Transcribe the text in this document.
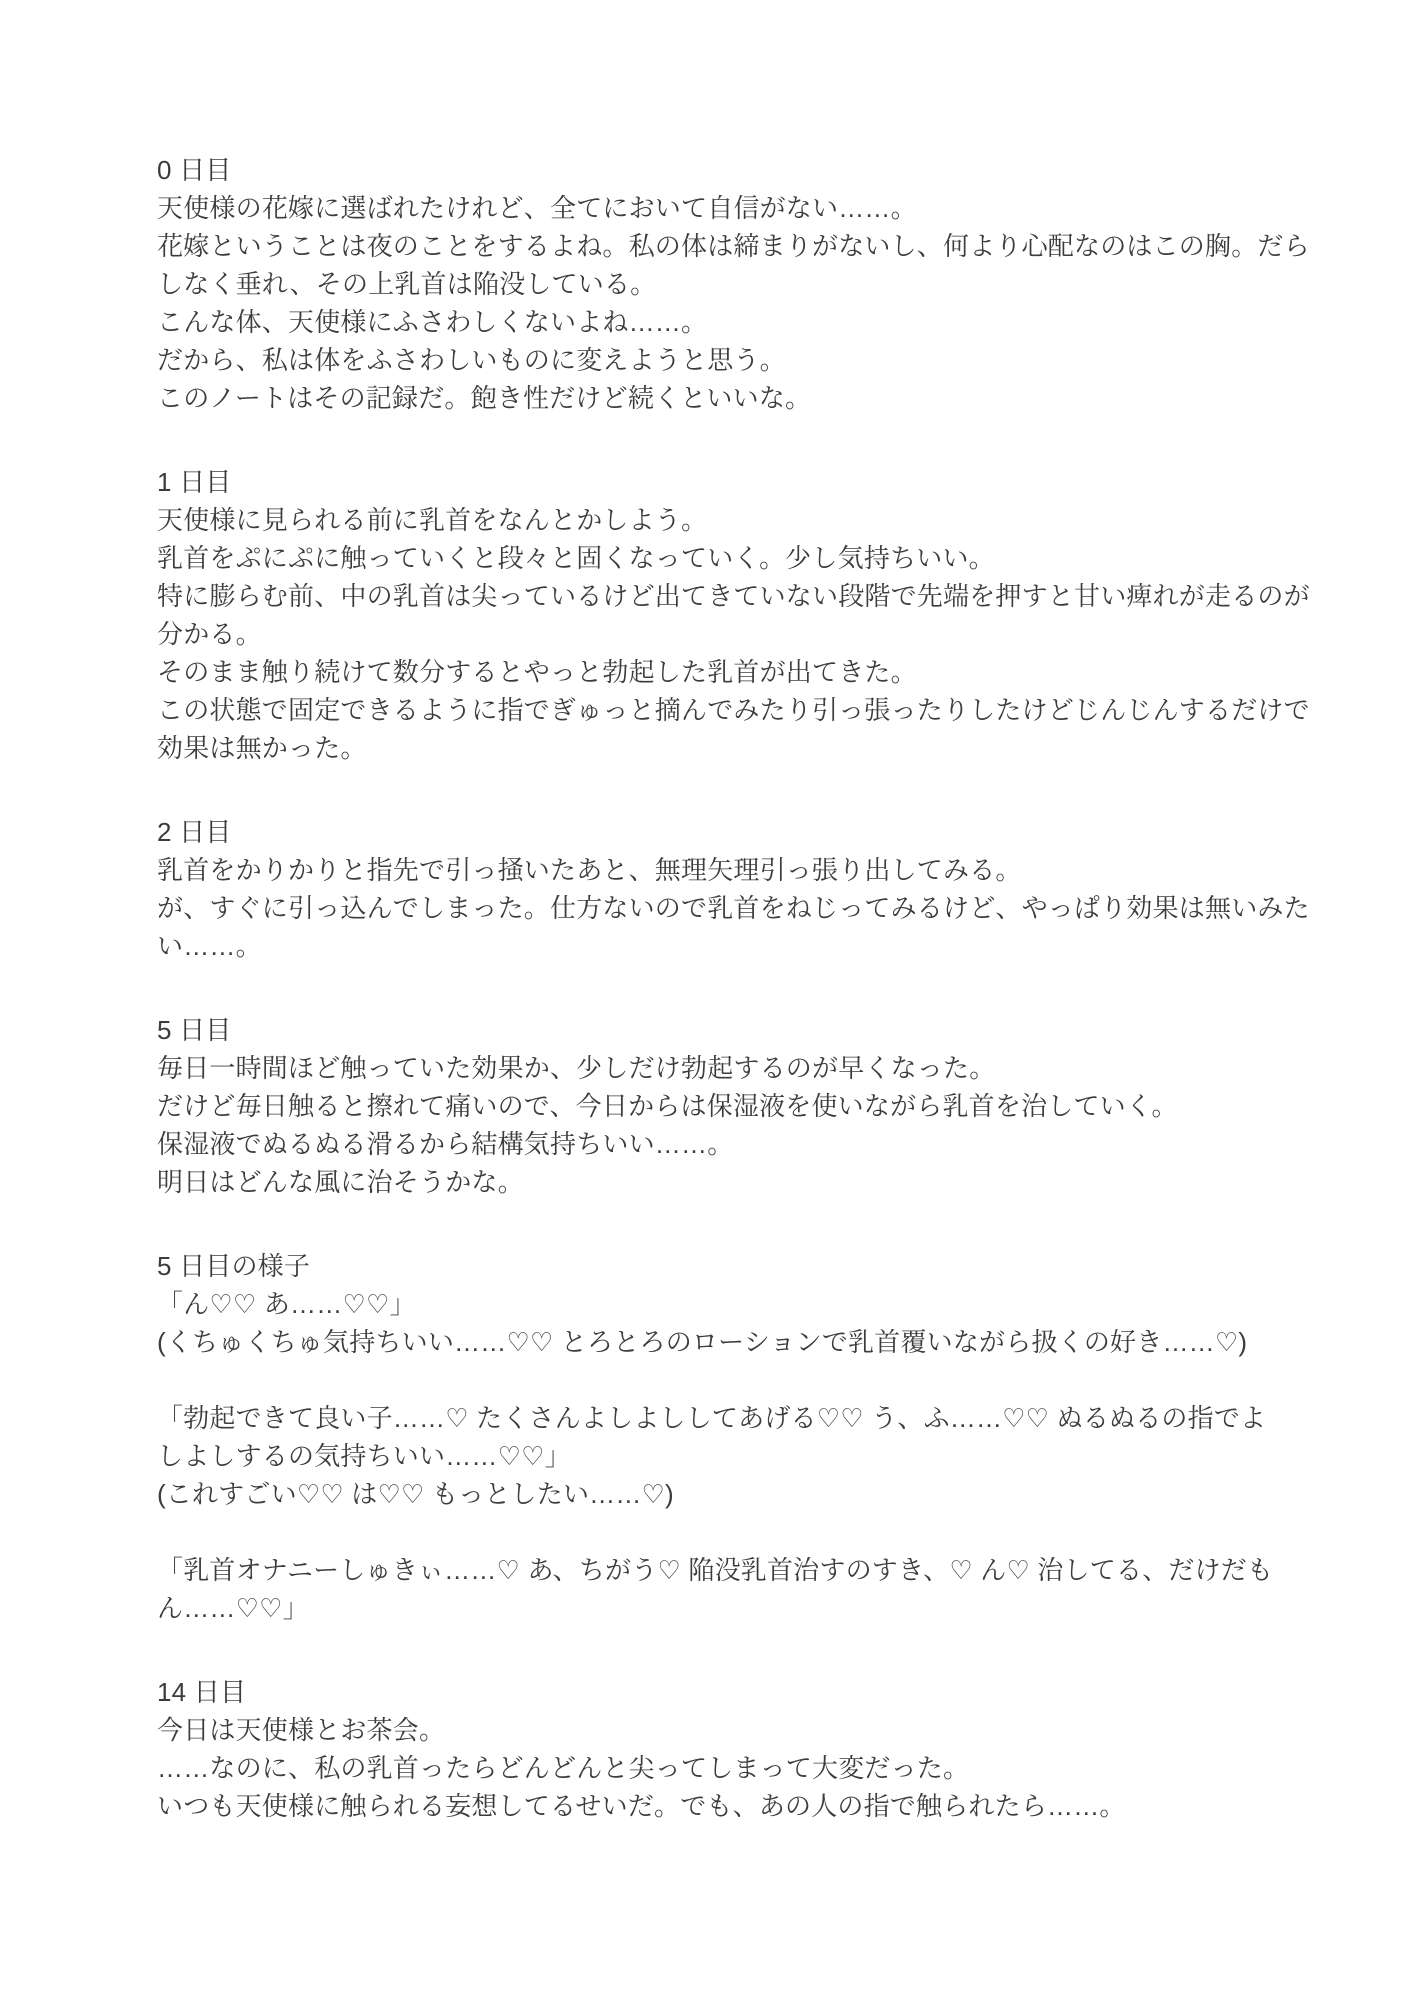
0 日目

天使様の花嫁に選ばれたけれど、全てにおいて自信がない……。

花嫁ということは夜のことをするよね。私の体は締まりがないし、何より心配なのはこの胸。だら

しなく垂れ、その上乳首は陥没している。

こんな体、天使様にふさわしくないよね……。

だから、私は体をふさわしいものに変えようと思う。

このノートはその記録だ。飽き性だけど続くといいな。

1 日目

天使様に見られる前に乳首をなんとかしよう。

乳首をぷにぷに触っていくと段々と固くなっていく。少し気持ちいい。

特に膨らむ前、中の乳首は尖っているけど出てきていない段階で先端を押すと甘い痺れが走るのが

分かる。

そのまま触り続けて数分するとやっと勃起した乳首が出てきた。

この状態で固定できるように指でぎゅっと摘んでみたり引っ張ったりしたけどじんじんするだけで

効果は無かった。

2 日目

乳首をかりかりと指先で引っ掻いたあと、無理矢理引っ張り出してみる。

が、すぐに引っ込んでしまった。仕方ないので乳首をねじってみるけど、やっぱり効果は無いみた

い……。

5 日目

毎日一時間ほど触っていた効果か、少しだけ勃起するのが早くなった。

だけど毎日触ると擦れて痛いので、今日からは保湿液を使いながら乳首を治していく。

保湿液でぬるぬる滑るから結構気持ちいい……。

明日はどんな風に治そうかな。

5 日目の様子

「ん♡♡ あ……♡♡」

(くちゅくちゅ気持ちいい……♡♡ とろとろのローションで乳首覆いながら扱くの好き……♡)

「勃起できて良い子……♡ たくさんよしよししてあげる♡♡ う、ふ……♡♡ ぬるぬるの指でよ

しよしするの気持ちいい……♡♡」

(これすごい♡♡ は♡♡ もっとしたい……♡)

「乳首オナニーしゅきぃ……♡ あ、ちがう♡ 陥没乳首治すのすき、♡ ん♡ 治してる、だけだも

ん……♡♡」

14 日目

今日は天使様とお茶会。

……なのに、私の乳首ったらどんどんと尖ってしまって大変だった。

いつも天使様に触られる妄想してるせいだ。でも、あの人の指で触られたら……。
